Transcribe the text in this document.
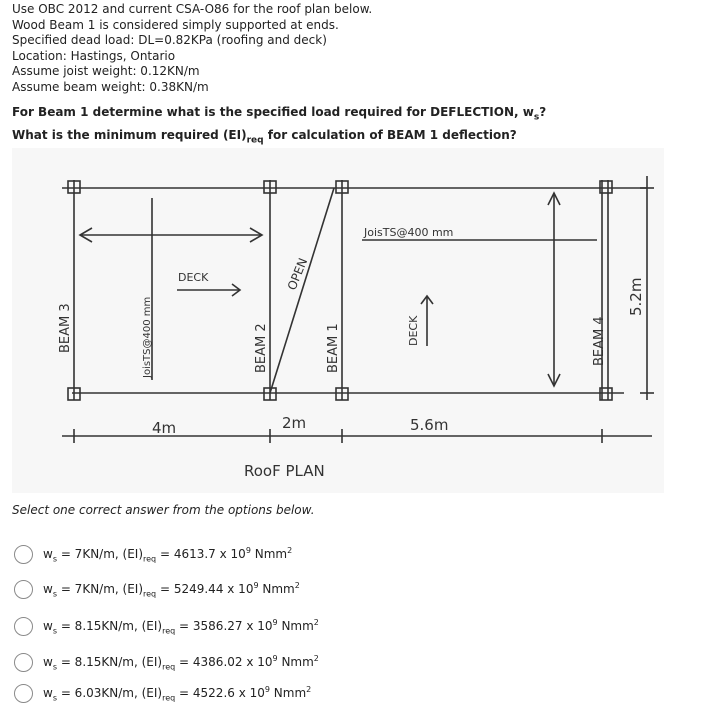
Use OBC 2012 and current CSA-O86 for the roof plan below.
Wood Beam 1 is considered simply supported at ends.
Specified dead load: DL=0.82KPa (roofing and deck)
Location: Hastings, Ontario
Assume joist weight: 0.12KN/m
Assume beam weight: 0.38KN/m
For Beam 1 determine what is the specified load required for DEFLECTION, $w_s$?
What is the minimum required $(EI)_{req}$ for calculation of BEAM 1 deflection?
BEAM 3	BEAM 2	BEAM 1	BEAM 4
JoisTS@400 mm
JoisTS@400 mm
DECK
DECK
OPEN
4m	2m	5.6m
5.2m
RooF PLAN
Select one correct answer from the options below.
$w_s = 7KN/m$, $(EI)_{req} = 4613.7$ x $10^9$ Nmm$^2$
$w_s = 7KN/m$, $(EI)_{req} = 5249.44$ x $10^9$ Nmm$^2$
$w_s = 8.15KN/m$, $(EI)_{req} = 3586.27$ x $10^9$ Nmm$^2$
$w_s = 8.15KN/m$, $(EI)_{req} = 4386.02$ x $10^9$ Nmm$^2$
$w_s = 6.03KN/m$, $(EI)_{req} = 4522.6$ x $10^9$ Nmm$^2$
